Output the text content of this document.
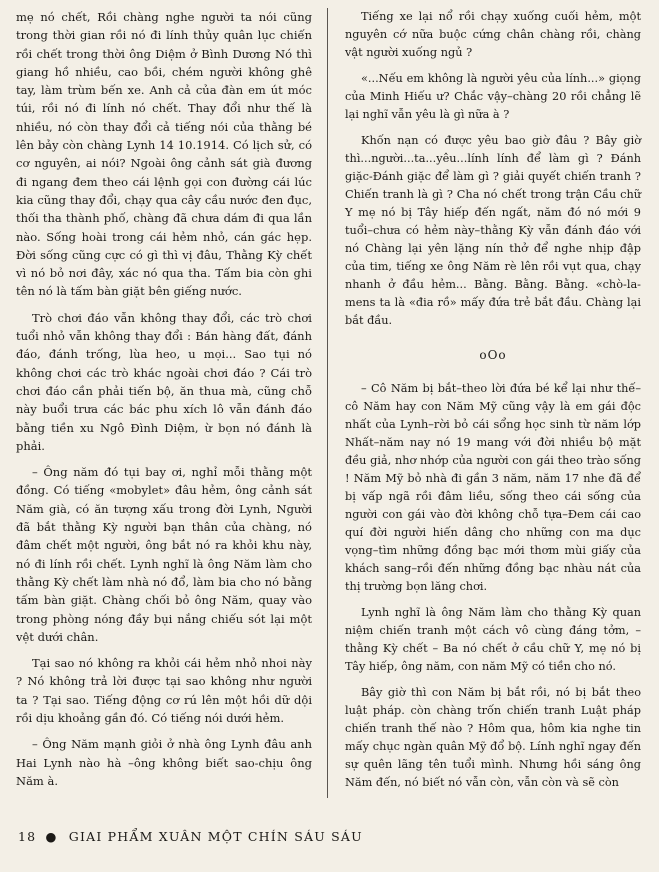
mẹ nó chết, Rồi chàng nghe người ta nói cũng trong thời gian rồi nó đi lính thủy quân lục chiến rồi chết trong thời ông Diệm ở Bình Dương Nó thì giang hồ nhiều, cao bồi, chém người không ghê tay, làm trùm bến xe. Anh cả của đàn em út móc túi, rồi nó đi lính nó chết. Thay đổi như thế là nhiều, nó còn thay đổi cả tiếng nói của thằng bé lên bảy còn chàng Lynh 14 10.1914. Có lịch sử, có cơ nguyên, ai nói? Ngoài ông cảnh sát già đương đi ngang đem theo cái lệnh gọi con đường cái lúc kia cũng thay đổi, chạy qua cây cầu nước đen đục, thối tha thành phố, chàng đã chưa dám đi qua lần nào. Sống hoài trong cái hẻm nhỏ, cán gác hẹp. Đời sống cũng cực có gì thì vị đâu, Thằng Kỳ chết vì nó bỏ nơi đây, xác nó qua tha. Tấm bia còn ghi tên nó là tấm bàn giặt bên giếng nước.

Trò chơi đáo vẫn không thay đổi, các trò chơi tuổi nhỏ vẫn không thay đổi : Bán hàng đất, đánh đáo, đánh trống, lùa heo, u mọi... Sao tụi nó không chơi các trò khác ngoài chơi đáo ? Cái trò chơi đáo cần phải tiến bộ, ăn thua mà, cũng chỗ này buổi trưa các bác phu xích lô vẫn đánh đáo bằng tiền xu Ngô Đình Diệm, ừ bọn nó đánh là phải.

– Ông năm đó tụi bay ơi, nghỉ mỗi thằng một đồng. Có tiếng «mobylet» đâu hẻm, ông cảnh sát Năm già, có ăn tượng xấu trong đời Lynh, Người đã bắt thằng Kỳ người bạn thân của chàng, nó đâm chết một người, ông bắt nó ra khỏi khu này, nó đi lính rồi chết. Lynh nghĩ là ông Năm làm cho thằng Kỳ chết làm nhà nó đổ, làm bia cho nó bằng tấm bàn giặt. Chàng chối bỏ ông Năm, quay vào trong phòng nóng đầy bụi nắng chiếu sót lại một vệt dưới chân.

Tại sao nó không ra khỏi cái hẻm nhỏ nhoi này ? Nó không trả lời được tại sao không như người ta ? Tại sao. Tiếng động cơ rú lên một hồi dữ dội rồi dịu khoảng gần đó. Có tiếng nói dưới hẻm.

– Ông Năm mạnh giỏi ở nhà ông Lynh đâu anh Hai Lynh nào hà –ông không biết sao-chịu ông Năm à.

Tiếng xe lại nổ rồi chạy xuống cuối hẻm, một nguyên cớ nữa buộc cứng chân chàng rồi, chàng vật người xuống ngủ ?

«...Nếu em không là người yêu của lính...» giọng của Minh Hiếu ư? Chắc vậy–chàng 20 rồi chẳng lẽ lại nghĩ vẫn yêu là gì nữa à ?

Khốn nạn có được yêu bao giờ đâu ? Bây giờ thì...người...ta...yêu...lính lính để làm gì ? Đánh giặc-Đánh giặc để làm gì ? giải quyết chiến tranh ? Chiến tranh là gì ? Cha nó chết trong trận Cầu chữ Y mẹ nó bị Tây hiếp đến ngất, năm đó nó mới 9 tuổi–chưa có hẻm này–thằng Kỳ vẫn đánh đáo với nó Chàng lại yên lặng nín thở để nghe nhịp đập của tim, tiếng xe ông Năm rè lên rồi vụt qua, chạy nhanh ở đầu hẻm... Bằng. Bằng. Bằng. «chò-la-mens ta là «đia rồ» mấy đứa trẻ bắt đầu. Chàng lại bắt đầu.

oOo

– Cô Năm bị bắt–theo lời đứa bé kể lại như thế–cô Năm hay con Năm Mỹ cũng vậy là em gái độc nhất của Lynh–rời bỏ cái sổng học sinh từ năm lớp Nhất–năm nay nó 19 mang với đời nhiều bộ mặt đều giả, nhơ nhớp của người con gái theo trào sống ! Năm Mỹ bỏ nhà đi gần 3 năm, năm 17 nhe đã để bị vấp ngã rồi đâm liều, sống theo cái sống của người con gái vào đời không chỗ tựa–Đem cái cao quí đời người hiến dâng cho những con ma dục vọng–tìm những đồng bạc mới thơm mùi giấy của khách sang–rồi đến những đồng bạc nhàu nát của thị trường bọn lăng chơi.

Lynh nghĩ là ông Năm làm cho thằng Kỳ quan niệm chiến tranh một cách vô cùng đáng tởm, – thằng Kỳ chết – Ba nó chết ở cầu chữ Y, mẹ nó bị Tây hiếp, ông năm, con năm Mỹ có tiền cho nó.

Bây giờ thì con Năm bị bắt rồi, nó bị bắt theo luật pháp. còn chàng trốn chiến tranh Luật pháp chiến tranh thế nào ? Hôm qua, hôm kia nghe tin mấy chục ngàn quân Mỹ đổ bộ. Lính nghĩ ngay đến sự quên lãng tên tuổi mình. Nhưng hồi sáng ông Năm đến, nó biết nó vẫn còn, vẫn còn và sẽ còn

18 ● GIAI PHẨM XUÂN MỘT CHÍN SÁU SÁU
